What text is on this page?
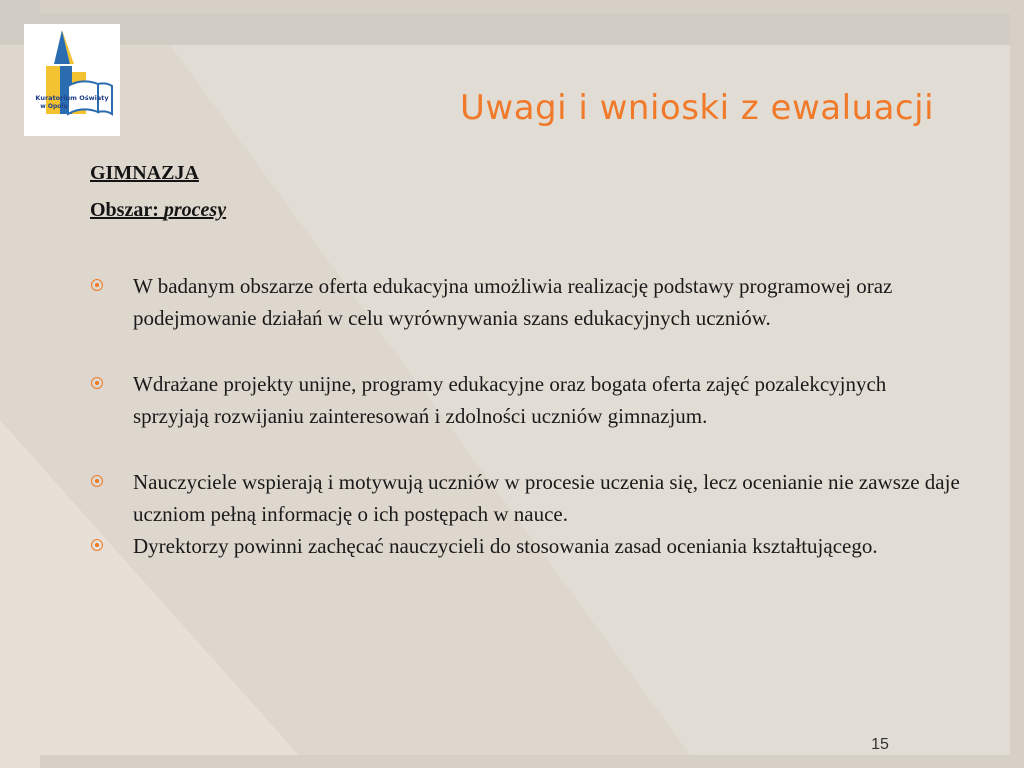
Kuratorium Oświaty
w Opolu	Uwagi i wnioski z ewaluacji
GIMNAZJA
Obszar: procesy
W badanym obszarze oferta edukacyjna umożliwia realizację podstawy programowej oraz podejmowanie działań w celu wyrównywania szans edukacyjnych uczniów.
Wdrażane projekty unijne, programy edukacyjne oraz bogata oferta zajęć pozalekcyjnych sprzyjają rozwijaniu zainteresowań i zdolności uczniów gimnazjum.
Nauczyciele wspierają i motywują uczniów w procesie uczenia się, lecz ocenianie nie zawsze daje uczniom pełną informację o ich postępach w nauce.
Dyrektorzy powinni zachęcać nauczycieli do stosowania zasad oceniania kształtującego.
15
